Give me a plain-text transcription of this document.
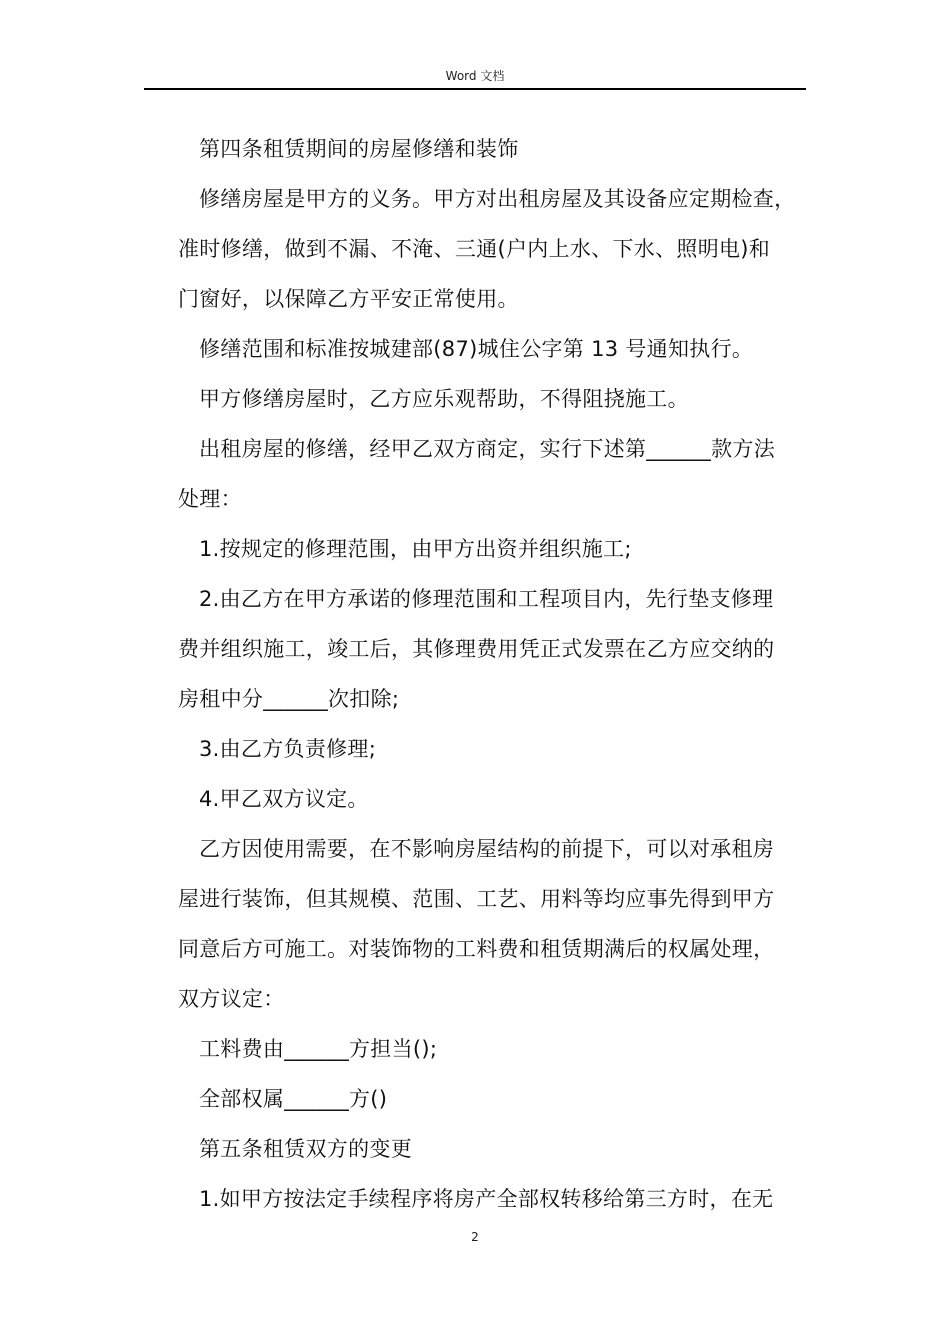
Word 文档
第四条租赁期间的房屋修缮和装饰
修缮房屋是甲方的义务。甲方对出租房屋及其设备应定期检查，
准时修缮，做到不漏、不淹、三通(户内上水、下水、照明电)和
门窗好，以保障乙方平安正常使用。
修缮范围和标准按城建部(87)城住公字第 13 号通知执行。
甲方修缮房屋时，乙方应乐观帮助，不得阻挠施工。
出租房屋的修缮，经甲乙双方商定，实行下述第______款方法
处理：
1.按规定的修理范围，由甲方出资并组织施工;
2.由乙方在甲方承诺的修理范围和工程项目内，先行垫支修理
费并组织施工，竣工后，其修理费用凭正式发票在乙方应交纳的
房租中分______次扣除;
3.由乙方负责修理;
4.甲乙双方议定。
乙方因使用需要，在不影响房屋结构的前提下，可以对承租房
屋进行装饰，但其规模、范围、工艺、用料等均应事先得到甲方
同意后方可施工。对装饰物的工料费和租赁期满后的权属处理，
双方议定：
工料费由______方担当();
全部权属______方()
第五条租赁双方的变更
1.如甲方按法定手续程序将房产全部权转移给第三方时，在无
2
